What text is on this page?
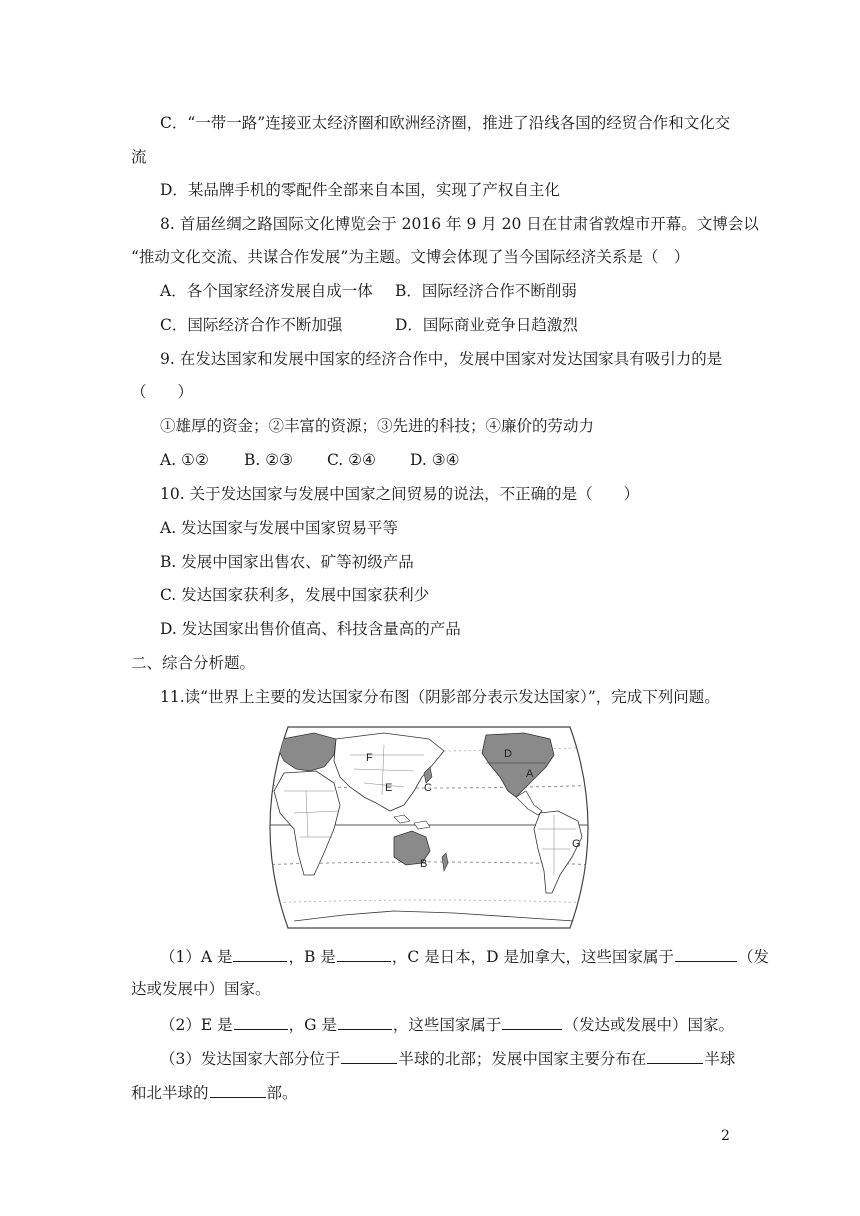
C．“一带一路”连接亚太经济圈和欧洲经济圈，推进了沿线各国的经贸合作和文化交
流
D．某品牌手机的零配件全部来自本国，实现了产权自主化
8. 首届丝绸之路国际文化博览会于 2016 年 9 月 20 日在甘肃省敦煌市开幕。文博会以
“推动文化交流、共谋合作发展”为主题。文博会体现了当今国际经济关系是（　）
A．各个国家经济发展自成一体 B．国际经济合作不断削弱
C．国际经济合作不断加强	D．国际商业竞争日趋激烈
9. 在发达国家和发展中国家的经济合作中，发展中国家对发达国家具有吸引力的是
（　　）
①雄厚的资金；②丰富的资源；③先进的科技；④廉价的劳动力
A. ①② B. ②③ C. ②④ D. ③④
10. 关于发达国家与发展中国家之间贸易的说法，不正确的是（　　）
A. 发达国家与发展中国家贸易平等
B. 发展中国家出售农、矿等初级产品
C. 发达国家获利多，发展中国家获利少
D. 发达国家出售价值高、科技含量高的产品
二、综合分析题。
11.读“世界上主要的发达国家分布图（阴影部分表示发达国家）”，完成下列问题。
F	D
A
E	C
B
G
（1）A 是	，B 是	，C 是日本，D 是加拿大，这些国家属于	（发
达或发展中）国家。
（2）E 是	，G 是	，这些国家属于	（发达或发展中）国家。
（3）发达国家大部分位于	半球的北部；发展中国家主要分布在	半球
和北半球的	部。
2
